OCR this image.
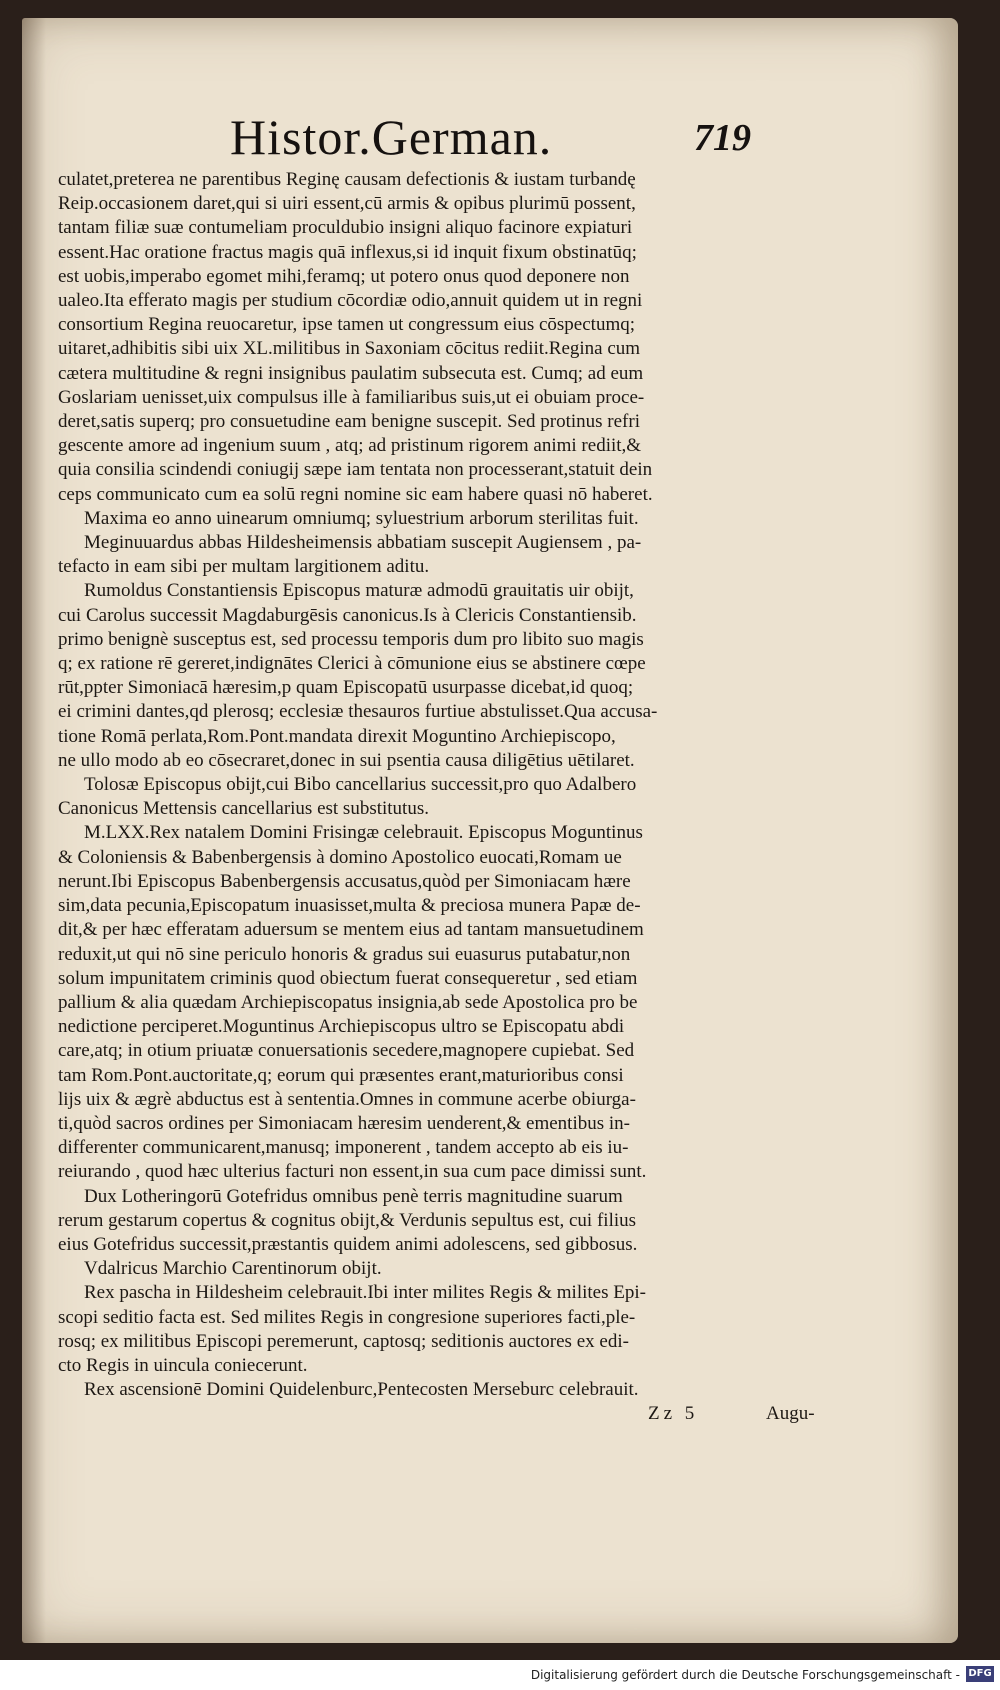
Histor.German.	719
culatet,preterea ne parentibus Reginę causam defectionis & iustam turbandę
Reip.occasionem daret,qui si uiri essent,cū armis & opibus plurimū possent,
tantam filiæ suæ contumeliam proculdubio insigni aliquo facinore expiaturi
essent.Hac oratione fractus magis quā inflexus,si id inquit fixum obstinatūq;
est uobis,imperabo egomet mihi,feramq; ut potero onus quod deponere non
ualeo.Ita efferato magis per studium cōcordiæ odio,annuit quidem ut in regni
consortium Regina reuocaretur, ipse tamen ut congressum eius cōspectumq;
uitaret,adhibitis sibi uix XL.militibus in Saxoniam cōcitus rediit.Regina cum
cætera multitudine & regni insignibus paulatim subsecuta est. Cumq; ad eum
Goslariam uenisset,uix compulsus ille à familiaribus suis,ut ei obuiam proce-
deret,satis superq; pro consuetudine eam benigne suscepit. Sed protinus refri
gescente amore ad ingenium suum , atq; ad pristinum rigorem animi rediit,&
quia consilia scindendi coniugij sæpe iam tentata non processerant,statuit dein
ceps communicato cum ea solū regni nomine sic eam habere quasi nō haberet.
Maxima eo anno uinearum omniumq; syluestrium arborum sterilitas fuit.
Meginuuardus abbas Hildesheimensis abbatiam suscepit Augiensem , pa-
tefacto in eam sibi per multam largitionem aditu.
Rumoldus Constantiensis Episcopus maturæ admodū grauitatis uir obijt,
cui Carolus successit Magdaburgēsis canonicus.Is à Clericis Constantiensib.
primo benignè susceptus est, sed processu temporis dum pro libito suo magis
q; ex ratione rē gereret,indignātes Clerici à cōmunione eius se abstinere cœpe
rūt,ppter Simoniacā hæresim,p quam Episcopatū usurpasse dicebat,id quoq;
ei crimini dantes,qd plerosq; ecclesiæ thesauros furtiue abstulisset.Qua accusa-
tione Romā perlata,Rom.Pont.mandata direxit Moguntino Archiepiscopo,
ne ullo modo ab eo cōsecraret,donec in sui psentia causa diligētius uētilaret.
Tolosæ Episcopus obijt,cui Bibo cancellarius successit,pro quo Adalbero
Canonicus Mettensis cancellarius est substitutus.
M.LXX.Rex natalem Domini Frisingæ celebrauit. Episcopus Moguntinus
& Coloniensis & Babenbergensis à domino Apostolico euocati,Romam ue
nerunt.Ibi Episcopus Babenbergensis accusatus,quòd per Simoniacam hære
sim,data pecunia,Episcopatum inuasisset,multa & preciosa munera Papæ de-
dit,& per hæc efferatam aduersum se mentem eius ad tantam mansuetudinem
reduxit,ut qui nō sine periculo honoris & gradus sui euasurus putabatur,non
solum impunitatem criminis quod obiectum fuerat consequeretur , sed etiam
pallium & alia quædam Archiepiscopatus insignia,ab sede Apostolica pro be
nedictione perciperet.Moguntinus Archiepiscopus ultro se Episcopatu abdi
care,atq; in otium priuatæ conuersationis secedere,magnopere cupiebat. Sed
tam Rom.Pont.auctoritate,q; eorum qui præsentes erant,maturioribus consi
lijs uix & ægrè abductus est à sententia.Omnes in commune acerbe obiurga-
ti,quòd sacros ordines per Simoniacam hæresim uenderent,& ementibus in-
differenter communicarent,manusq; imponerent , tandem accepto ab eis iu-
reiurando , quod hæc ulterius facturi non essent,in sua cum pace dimissi sunt.
Dux Lotheringorū Gotefridus omnibus penè terris magnitudine suarum
rerum gestarum copertus & cognitus obijt,& Verdunis sepultus est, cui filius
eius Gotefridus successit,præstantis quidem animi adolescens, sed gibbosus.
Vdalricus Marchio Carentinorum obijt.
Rex pascha in Hildesheim celebrauit.Ibi inter milites Regis & milites Epi-
scopi seditio facta est. Sed milites Regis in congresione superiores facti,ple-
rosq; ex militibus Episcopi peremerunt, captosq; seditionis auctores ex edi-
cto Regis in uincula coniecerunt.
Rex ascensionē Domini Quidelenburc,Pentecosten Merseburc celebrauit.
Zz 5	Augu-
Digitalisierung gefördert durch die Deutsche Forschungsgemeinschaft - DFG
